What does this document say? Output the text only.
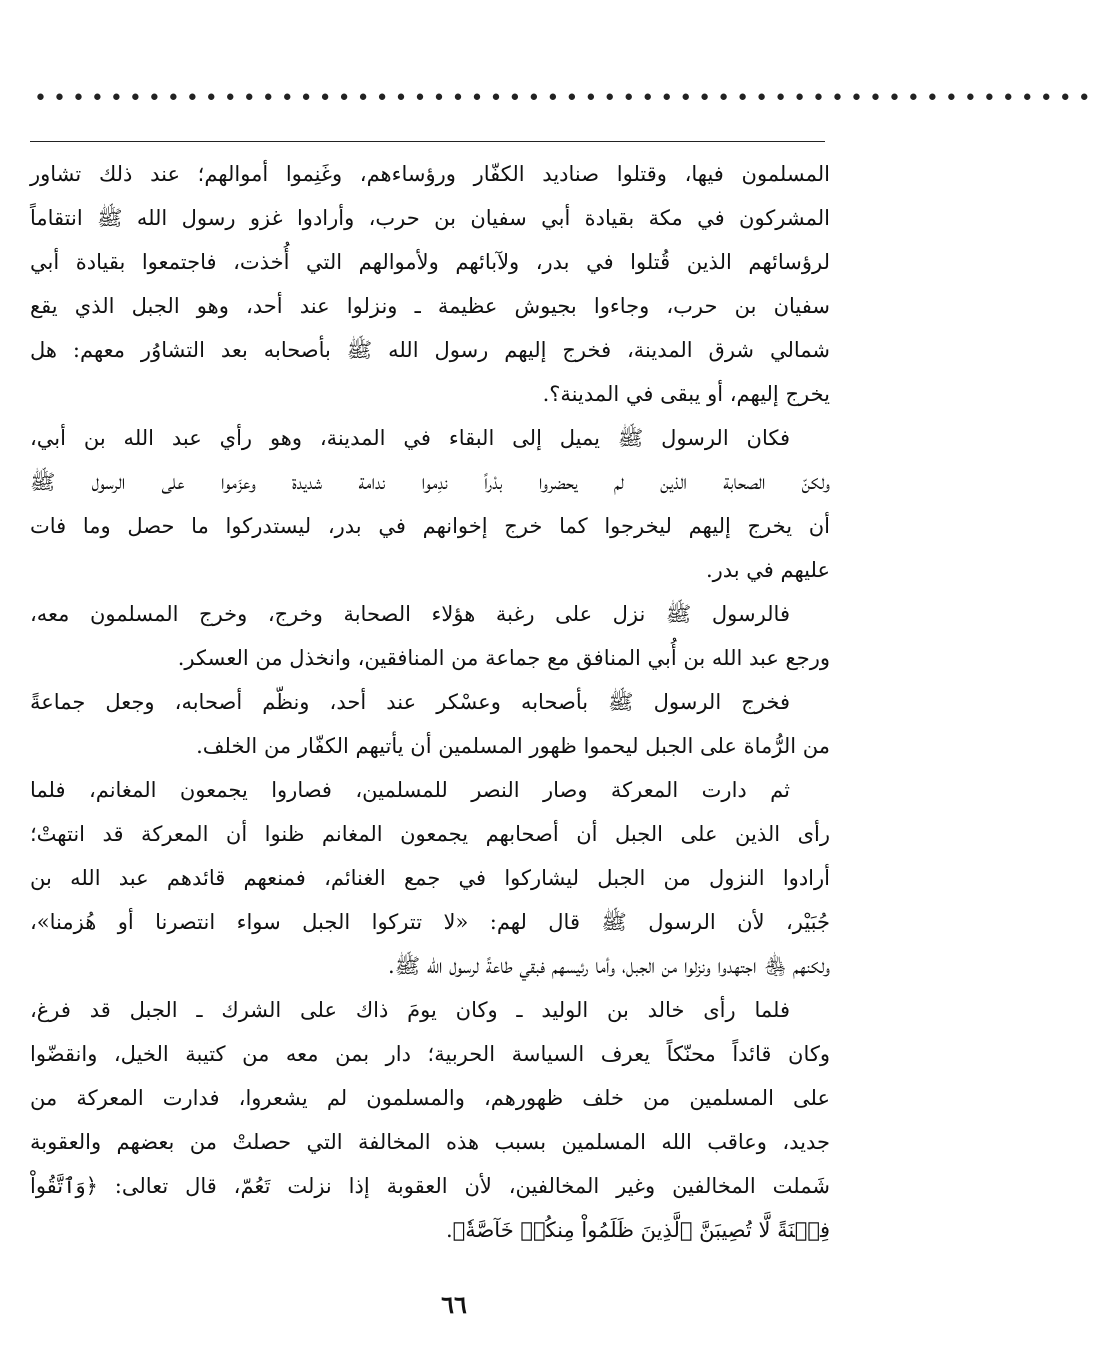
••••••••••••••••••••••••••••••••••••••••••••••••••••••••
المسلمون فيها، وقتلوا صناديد الكفّار ورؤساءهم، وغَنِموا أموالهم؛ عند ذلك تشاور
المشركون في مكة بقيادة أبي سفيان بن حرب، وأرادوا غزو رسول الله ﷺ انتقاماً
لرؤسائهم الذين قُتلوا في بدر، ولآبائهم ولأموالهم التي أُخذت، فاجتمعوا بقيادة أبي
سفيان بن حرب، وجاءوا بجيوش عظيمة ـ ونزلوا عند أحد، وهو الجبل الذي يقع
شمالي شرق المدينة، فخرج إليهم رسول الله ﷺ بأصحابه بعد التشاوُر معهم: هل
يخرج إليهم، أو يبقى في المدينة؟.
فكان الرسول ﷺ يميل إلى البقاء في المدينة، وهو رأي عبد الله بن أبي،
ولكنّ الصحابة الذين لم يحضروا بدْراً ندِموا ندامة شديدة وعزَموا على الرسول ﷺ
أن يخرج إليهم ليخرجوا كما خرج إخوانهم في بدر، ليستدركوا ما حصل وما فات
عليهم في بدر.
فالرسول ﷺ نزل على رغبة هؤلاء الصحابة وخرج، وخرج المسلمون معه،
ورجع عبد الله بن أُبي المنافق مع جماعة من المنافقين، وانخذل من العسكر.
فخرج الرسول ﷺ بأصحابه وعسْكر عند أحد، ونظّم أصحابه، وجعل جماعةً
من الرُّماة على الجبل ليحموا ظهور المسلمين أن يأتيهم الكفّار من الخلف.
ثم دارت المعركة وصار النصر للمسلمين، فصاروا يجمعون المغانم، فلما
رأى الذين على الجبل أن أصحابهم يجمعون المغانم ظنوا أن المعركة قد انتهتْ؛
أرادوا النزول من الجبل ليشاركوا في جمع الغنائم، فمنعهم قائدهم عبد الله بن
جُبَيْر، لأن الرسول ﷺ قال لهم: «لا تتركوا الجبل سواء انتصرنا أو هُزمنا»،
ولكنهم ﵃ اجتهدوا ونزلوا من الجبل، وأما رئيسهم فبقي طاعةً لرسول الله ﷺ.
فلما رأى خالد بن الوليد ـ وكان يومَ ذاك على الشرك ـ الجبل قد فرغ،
وكان قائداً محنّكاً يعرف السياسة الحربية؛ دار بمن معه من كتيبة الخيل، وانقضّوا
على المسلمين من خلف ظهورهم، والمسلمون لم يشعروا، فدارت المعركة من
جديد، وعاقب الله المسلمين بسبب هذه المخالفة التي حصلتْ من بعضهم والعقوبة
شَملت المخالفين وغير المخالفين، لأن العقوبة إذا نزلت تَعُمّ، قال تعالى: ﴿وَٱتَّقُواْ
فِتۡنَةً لَّا تُصِيبَنَّ ٱلَّذِينَ ظَلَمُواْ مِنكُمۡ خَآصَّةٗ﴾.
٦٦
